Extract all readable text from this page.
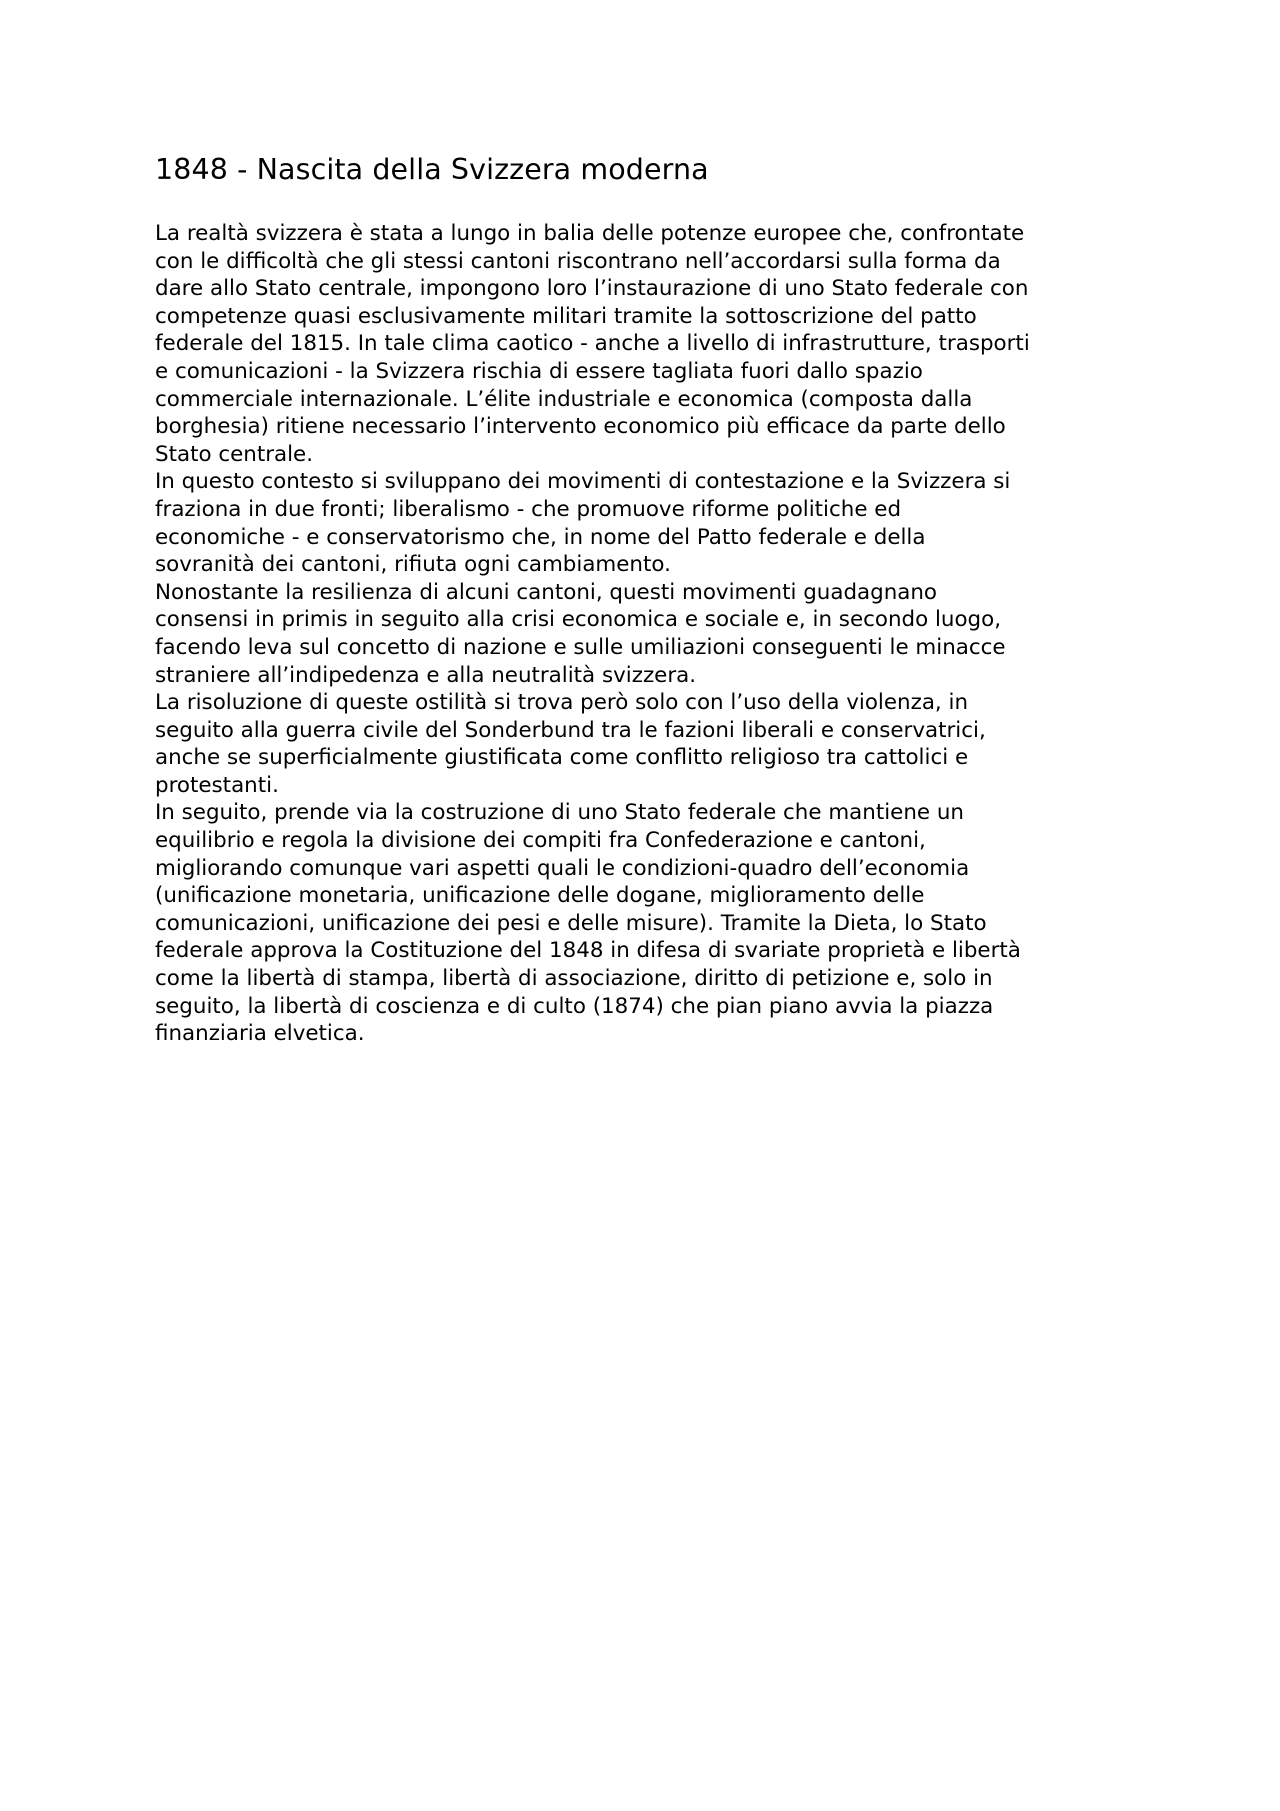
1848 - Nascita della Svizzera moderna

La realtà svizzera è stata a lungo in balia delle potenze europee che, confrontate
con le difficoltà che gli stessi cantoni riscontrano nell’accordarsi sulla forma da
dare allo Stato centrale, impongono loro l’instaurazione di uno Stato federale con
competenze quasi esclusivamente militari tramite la sottoscrizione del patto
federale del 1815. In tale clima caotico - anche a livello di infrastrutture, trasporti
e comunicazioni - la Svizzera rischia di essere tagliata fuori dallo spazio
commerciale internazionale. L’élite industriale e economica (composta dalla
borghesia) ritiene necessario l’intervento economico più efficace da parte dello
Stato centrale.

In questo contesto si sviluppano dei movimenti di contestazione e la Svizzera si
fraziona in due fronti; liberalismo - che promuove riforme politiche ed
economiche - e conservatorismo che, in nome del Patto federale e della
sovranità dei cantoni, rifiuta ogni cambiamento.

Nonostante la resilienza di alcuni cantoni, questi movimenti guadagnano
consensi in primis in seguito alla crisi economica e sociale e, in secondo luogo,
facendo leva sul concetto di nazione e sulle umiliazioni conseguenti le minacce
straniere all’indipedenza e alla neutralità svizzera.

La risoluzione di queste ostilità si trova però solo con l’uso della violenza, in
seguito alla guerra civile del Sonderbund tra le fazioni liberali e conservatrici,
anche se superficialmente giustificata come conflitto religioso tra cattolici e
protestanti.

In seguito, prende via la costruzione di uno Stato federale che mantiene un
equilibrio e regola la divisione dei compiti fra Confederazione e cantoni,
migliorando comunque vari aspetti quali le condizioni-quadro dell’economia
(unificazione monetaria, unificazione delle dogane, miglioramento delle
comunicazioni, unificazione dei pesi e delle misure). Tramite la Dieta, lo Stato
federale approva la Costituzione del 1848 in difesa di svariate proprietà e libertà
come la libertà di stampa, libertà di associazione, diritto di petizione e, solo in
seguito, la libertà di coscienza e di culto (1874) che pian piano avvia la piazza
finanziaria elvetica.
